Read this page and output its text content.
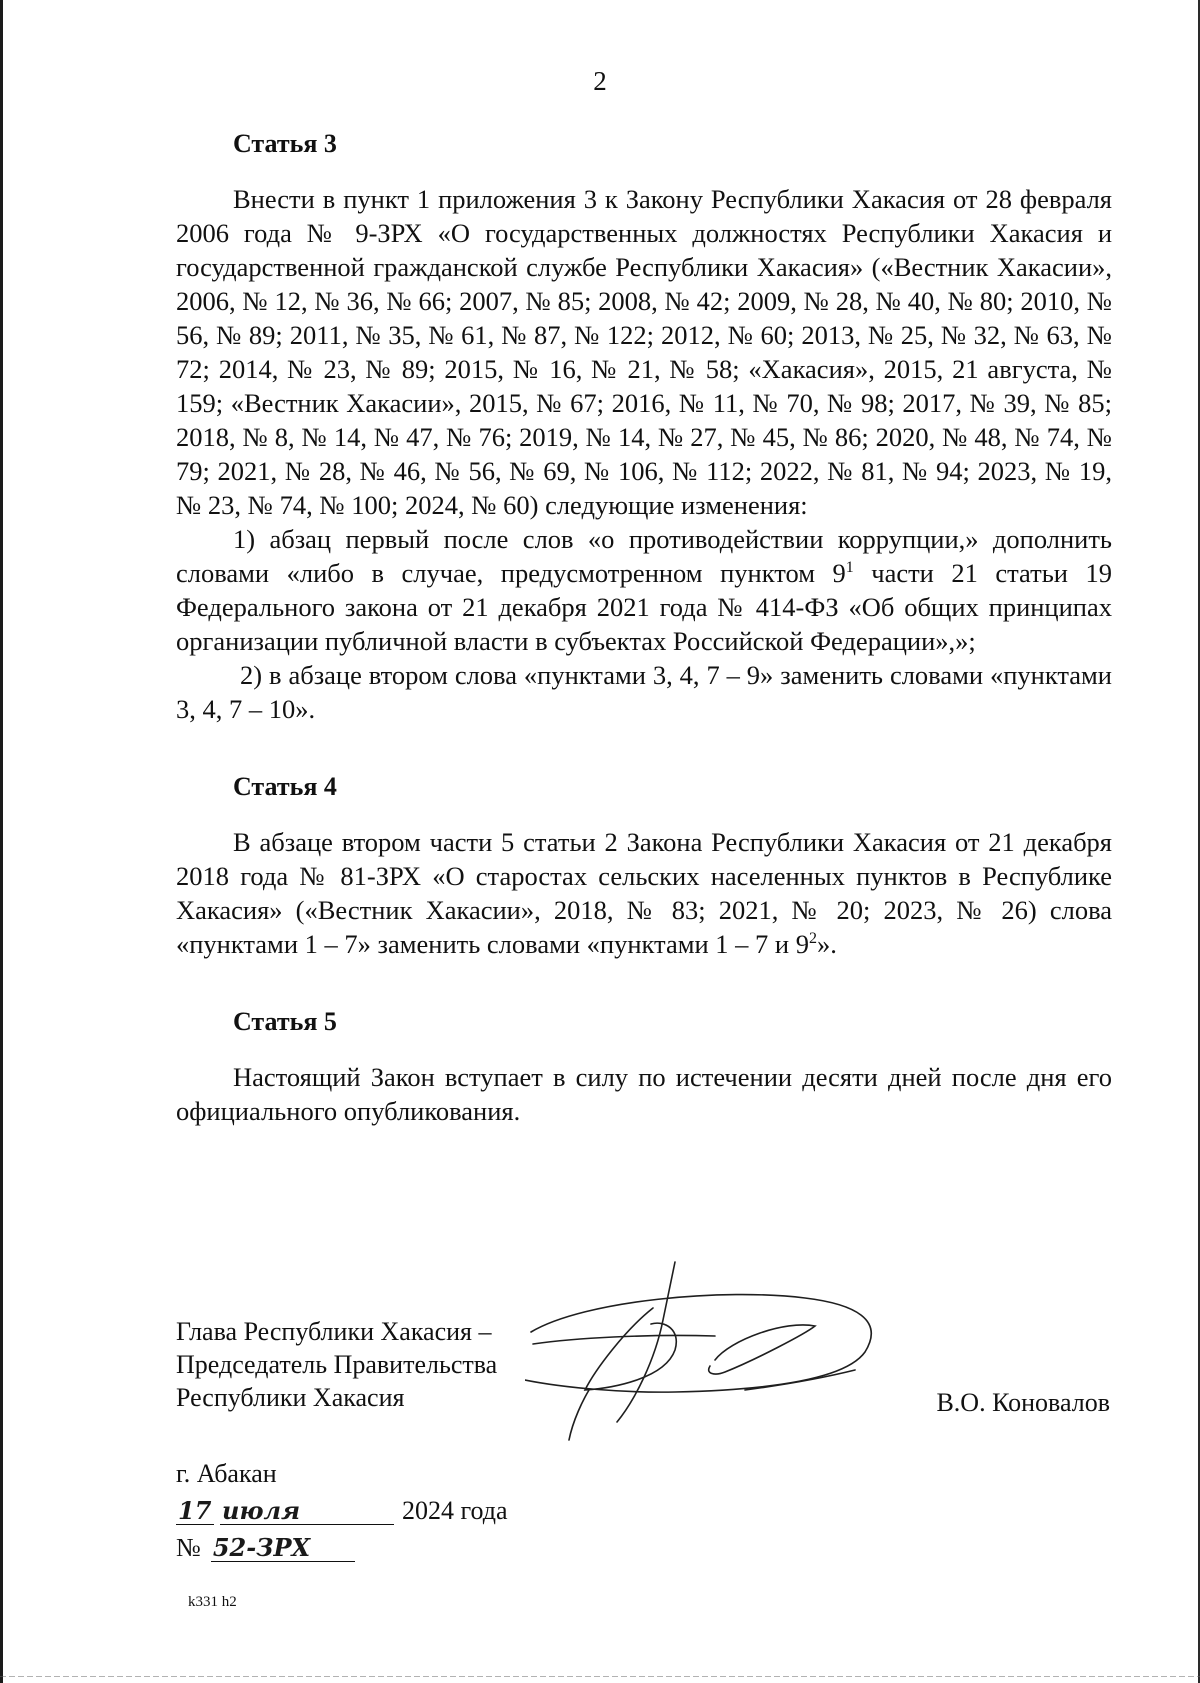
2
Статья 3

Внести в пункт 1 приложения 3 к Закону Республики Хакасия от 28 февраля 2006 года № 9-ЗРХ «О государственных должностях Республики Хакасия и государственной гражданской службе Республики Хакасия» («Вестник Хакасии», 2006, № 12, № 36, № 66; 2007, № 85; 2008, № 42; 2009, № 28, № 40, № 80; 2010, № 56, № 89; 2011, № 35, № 61, № 87, № 122; 2012, № 60; 2013, № 25, № 32, № 63, № 72; 2014, № 23, № 89; 2015, № 16, № 21, № 58; «Хакасия», 2015, 21 августа, № 159; «Вестник Хакасии», 2015, № 67; 2016, № 11, № 70, № 98; 2017, № 39, № 85; 2018, № 8, № 14, № 47, № 76; 2019, № 14, № 27, № 45, № 86; 2020, № 48, № 74, № 79; 2021, № 28, № 46, № 56, № 69, № 106, № 112; 2022, № 81, № 94; 2023, № 19, № 23, № 74, № 100; 2024, № 60) следующие изменения:

1) абзац первый после слов «о противодействии коррупции,» дополнить словами «либо в случае, предусмотренном пунктом $9^1$ части 21 статьи 19 Федерального закона от 21 декабря 2021 года № 414-ФЗ «Об общих принципах организации публичной власти в субъектах Российской Федерации»,»;

2) в абзаце втором слова «пунктами 3, 4, 7 – 9» заменить словами «пунктами 3, 4, 7 – 10».

Статья 4

В абзаце втором части 5 статьи 2 Закона Республики Хакасия от 21 декабря 2018 года № 81-ЗРХ «О старостах сельских населенных пунктов в Республике Хакасия» («Вестник Хакасии», 2018, № 83; 2021, № 20; 2023, № 26) слова «пунктами 1 – 7» заменить словами «пунктами 1 – 7 и $9^2$».

Статья 5

Настоящий Закон вступает в силу по истечении десяти дней после дня его официального опубликования.

Глава Республики Хакасия –
Председатель Правительства
Республики Хакасия	В.О. Коновалов
г. Абакан
17 июля	2024 года
№ 52-ЗРХ
k331 h2
